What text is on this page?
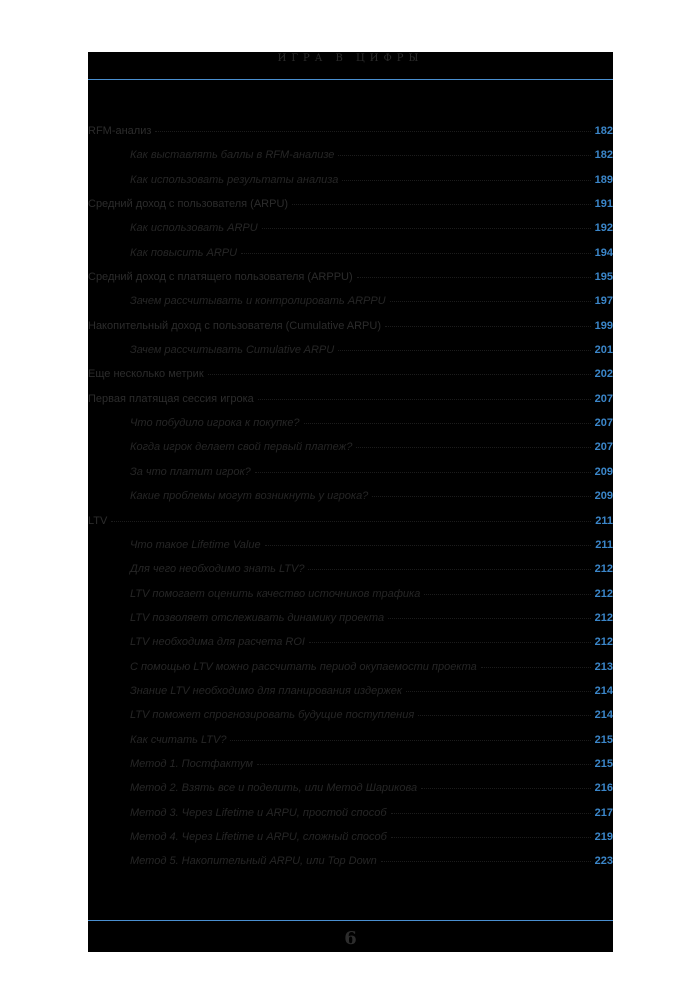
ИГРА В ЦИФРЫ
RFM-анализ	182
Как выставлять баллы в RFM-анализе	182
Как использовать результаты анализа	189
Средний доход с пользователя (ARPU)	191
Как использовать ARPU	192
Как повысить ARPU	194
Средний доход с платящего пользователя (ARPPU)	195
Зачем рассчитывать и контролировать ARPPU	197
Накопительный доход с пользователя (Cumulative ARPU)	199
Зачем рассчитывать Cumulative ARPU	201
Еще несколько метрик	202
Первая платящая сессия игрока	207
Что побудило игрока к покупке?	207
Когда игрок делает свой первый платеж?	207
За что платит игрок?	209
Какие проблемы могут возникнуть у игрока?	209
LTV	211
Что такое Lifetime Value	211
Для чего необходимо знать LTV?	212
LTV помогает оценить качество источников трафика	212
LTV позволяет отслеживать динамику проекта	212
LTV необходима для расчета ROI	212
С помощью LTV можно рассчитать период окупаемости проекта	213
Знание LTV необходимо для планирования издержек	214
LTV поможет спрогнозировать будущие поступления	214
Как считать LTV?	215
Метод 1. Постфактум	215
Метод 2. Взять все и поделить, или Метод Шарикова	216
Метод 3. Через Lifetime и ARPU, простой способ	217
Метод 4. Через Lifetime и ARPU, сложный способ	219
Метод 5. Накопительный ARPU, или Top Down	223
6
